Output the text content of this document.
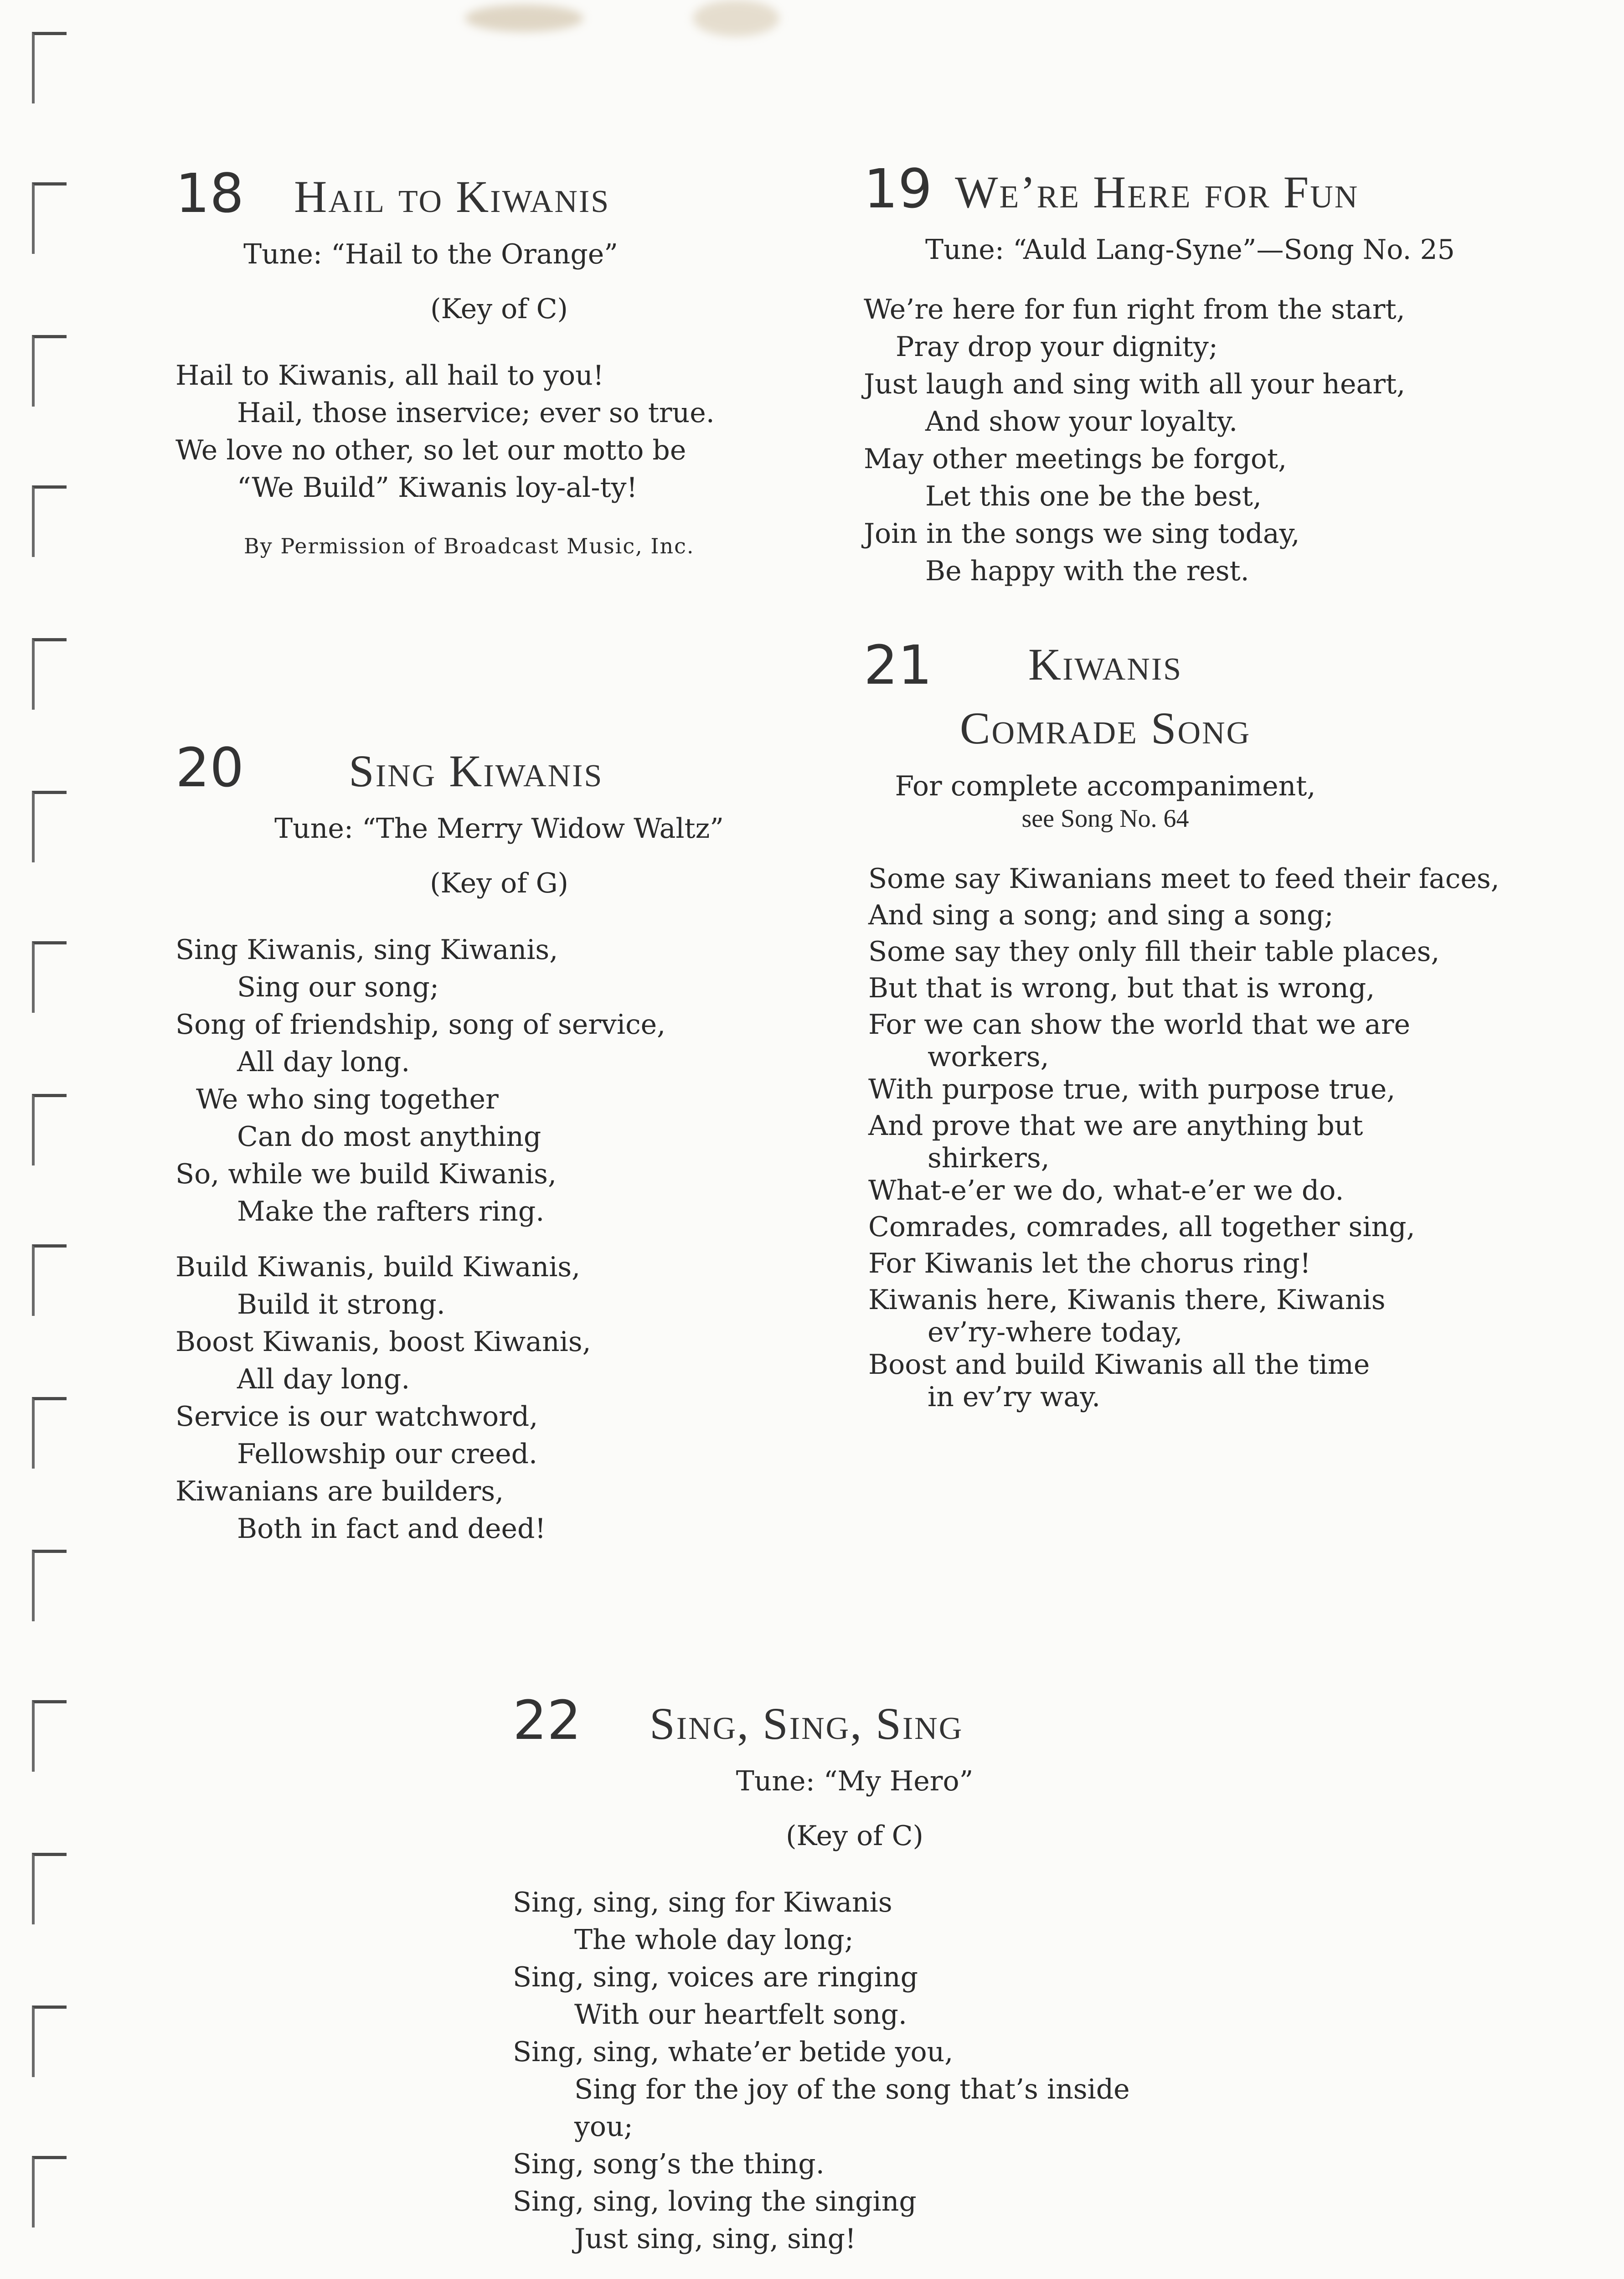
18 Hail to Kiwanis
Tune: “Hail to the Orange”
(Key of C)
Hail to Kiwanis, all hail to you!
Hail, those inservice; ever so true.
We love no other, so let our motto be
“We Build” Kiwanis loy-al-ty!
By Permission of Broadcast Music, Inc.
19 We’re Here for Fun
Tune: “Auld Lang-Syne”—Song No. 25
We’re here for fun right from the start,
Pray drop your dignity;
Just laugh and sing with all your heart,
And show your loyalty.
May other meetings be forgot,
Let this one be the best,
Join in the songs we sing today,
Be happy with the rest.
20 Sing Kiwanis
Tune: “The Merry Widow Waltz”
(Key of G)
Sing Kiwanis, sing Kiwanis,
Sing our song;
Song of friendship, song of service,
All day long.
We who sing together
Can do most anything
So, while we build Kiwanis,
Make the rafters ring.
Build Kiwanis, build Kiwanis,
Build it strong.
Boost Kiwanis, boost Kiwanis,
All day long.
Service is our watchword,
Fellowship our creed.
Kiwanians are builders,
Both in fact and deed!
21	Kiwanis
Comrade Song
For complete accompaniment,
see Song No. 64
Some say Kiwanians meet to feed their faces,
And sing a song; and sing a song;
Some say they only fill their table places,
But that is wrong, but that is wrong,
For we can show the world that we are
workers,
With purpose true, with purpose true,
And prove that we are anything but
shirkers,
What-e’er we do, what-e’er we do.
Comrades, comrades, all together sing,
For Kiwanis let the chorus ring!
Kiwanis here, Kiwanis there, Kiwanis
ev’ry-where today,
Boost and build Kiwanis all the time
in ev’ry way.
22 Sing, Sing, Sing
Tune: “My Hero”
(Key of C)
Sing, sing, sing for Kiwanis
The whole day long;
Sing, sing, voices are ringing
With our heartfelt song.
Sing, sing, whate’er betide you,
Sing for the joy of the song that’s inside
you;
Sing, song’s the thing.
Sing, sing, loving the singing
Just sing, sing, sing!
